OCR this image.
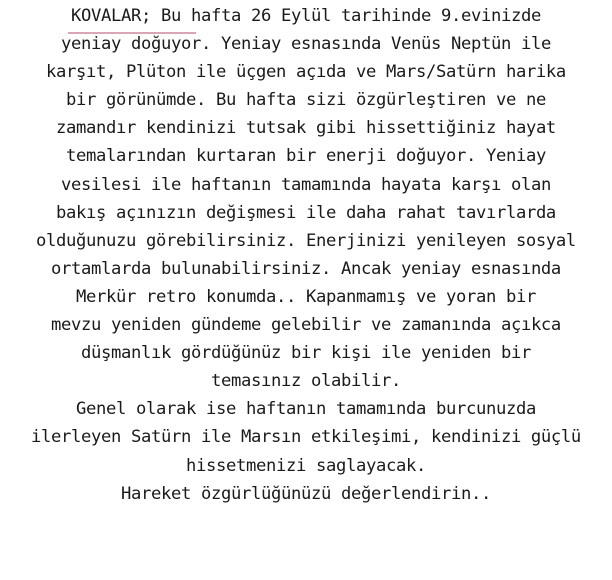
KOVALAR;
Bu hafta 26 Eylül tarihinde 9.evinizde
yeniay doğuyor. Yeniay esnasında Venüs Neptün ile
karşıt, Plüton ile üçgen açıda ve Mars/Satürn harika
bir görünümde. Bu hafta sizi özgürleştiren ve ne
zamandır kendinizi tutsak gibi hissettiğiniz hayat
temalarından kurtaran bir enerji doğuyor. Yeniay
vesilesi ile haftanın tamamında hayata karşı olan
bakış açınızın değişmesi ile daha rahat tavırlarda
olduğunuzu görebilirsiniz. Enerjinizi yenileyen sosyal
ortamlarda bulunabilirsiniz. Ancak yeniay esnasında
Merkür retro konumda.. Kapanmamış ve yoran bir
mevzu yeniden gündeme gelebilir ve zamanında açıkca
düşmanlık gördüğünüz bir kişi ile yeniden bir
temasınız olabilir.
Genel olarak ise haftanın tamamında burcunuzda
ilerleyen Satürn ile Marsın etkileşimi, kendinizi güçlü
hissetmenizi saglayacak.
Hareket özgürlüğünüzü değerlendirin..
